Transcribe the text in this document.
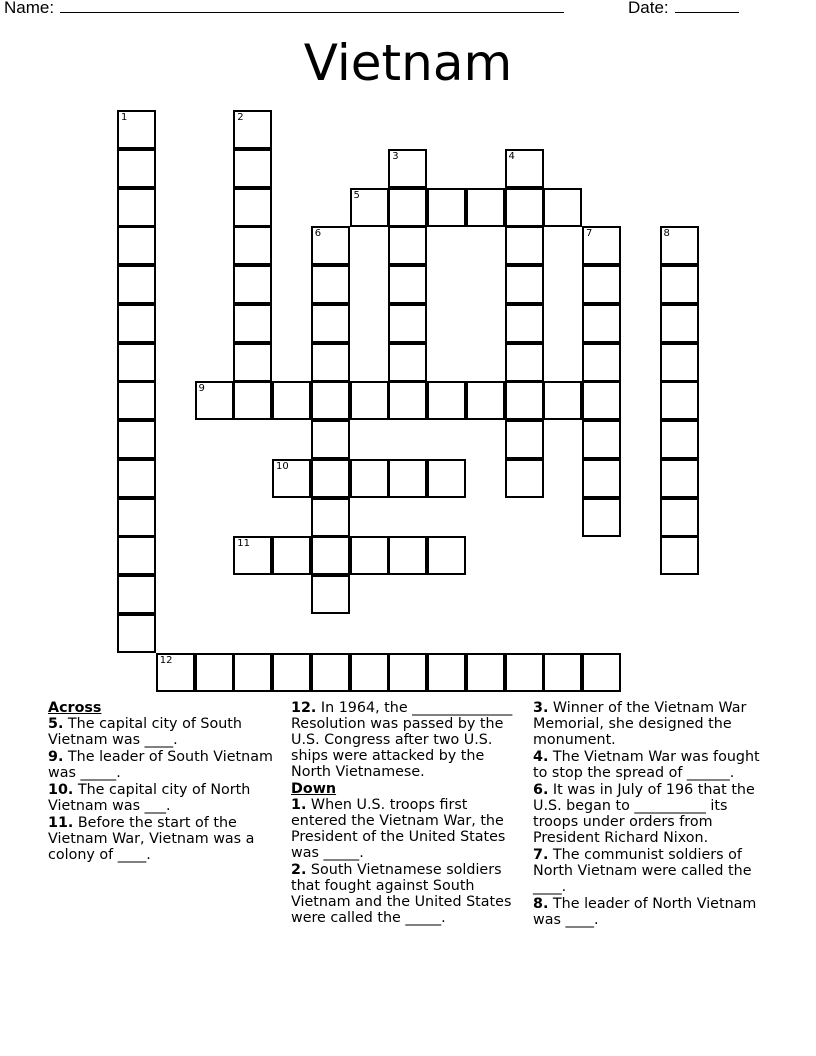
Name:	Date:
Vietnam
1	2
3	4
5
6	7	8
9
10
11
12
Across
5. The capital city of South Vietnam was ____.
9. The leader of South Vietnam was _____.
10. The capital city of North Vietnam was ___.
11. Before the start of the Vietnam War, Vietnam was a colony of ____.
12. In 1964, the ______________ Resolution was passed by the U.S. Congress after two U.S. ships were attacked by the North Vietnamese.
Down
1. When U.S. troops first entered the Vietnam War, the President of the United States was _____.
2. South Vietnamese soldiers that fought against South Vietnam and the United States were called the _____.
3. Winner of the Vietnam War Memorial, she designed the monument.
4. The Vietnam War was fought to stop the spread of ______.
6. It was in July of 196 that the U.S. began to __________ its troops under orders from President Richard Nixon.
7. The communist soldiers of North Vietnam were called the ____.
8. The leader of North Vietnam was ____.
